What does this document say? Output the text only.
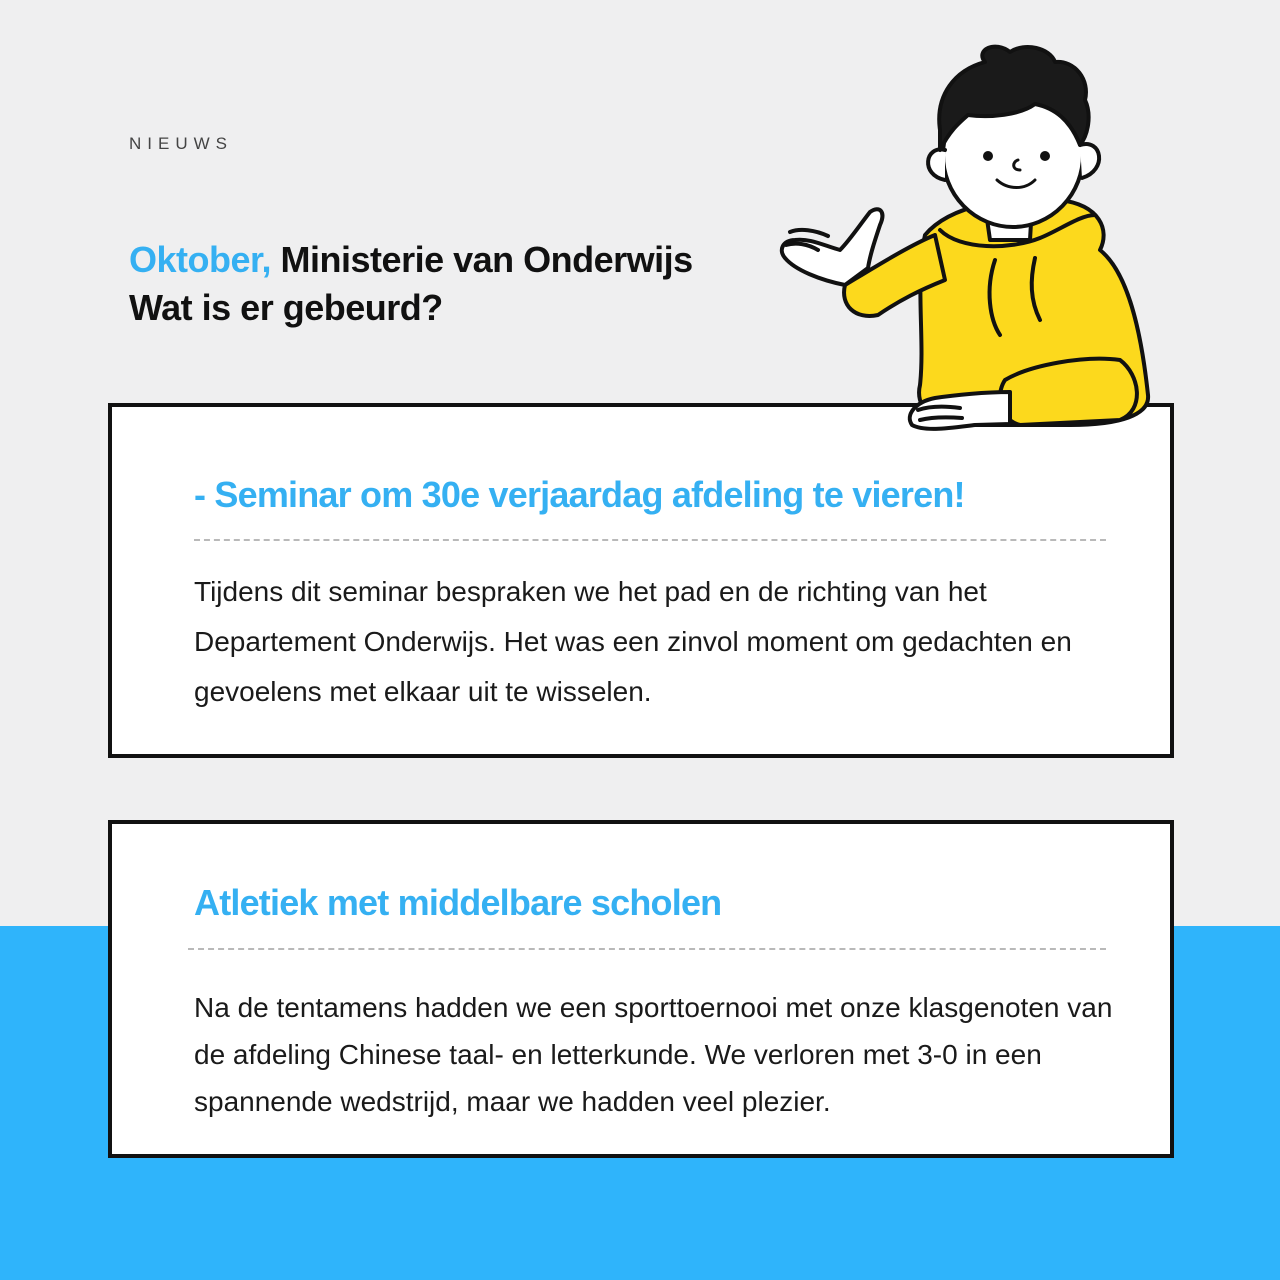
NIEUWS
Oktober, Ministerie van Onderwijs
Wat is er gebeurd?
- Seminar om 30e verjaardag afdeling te vieren!
Tijdens dit seminar bespraken we het pad en de richting van het Departement Onderwijs. Het was een zinvol moment om gedachten en gevoelens met elkaar uit te wisselen.
Atletiek met middelbare scholen
Na de tentamens hadden we een sporttoernooi met onze klasgenoten van de afdeling Chinese taal- en letterkunde. We verloren met 3-0 in een spannende wedstrijd, maar we hadden veel plezier.
